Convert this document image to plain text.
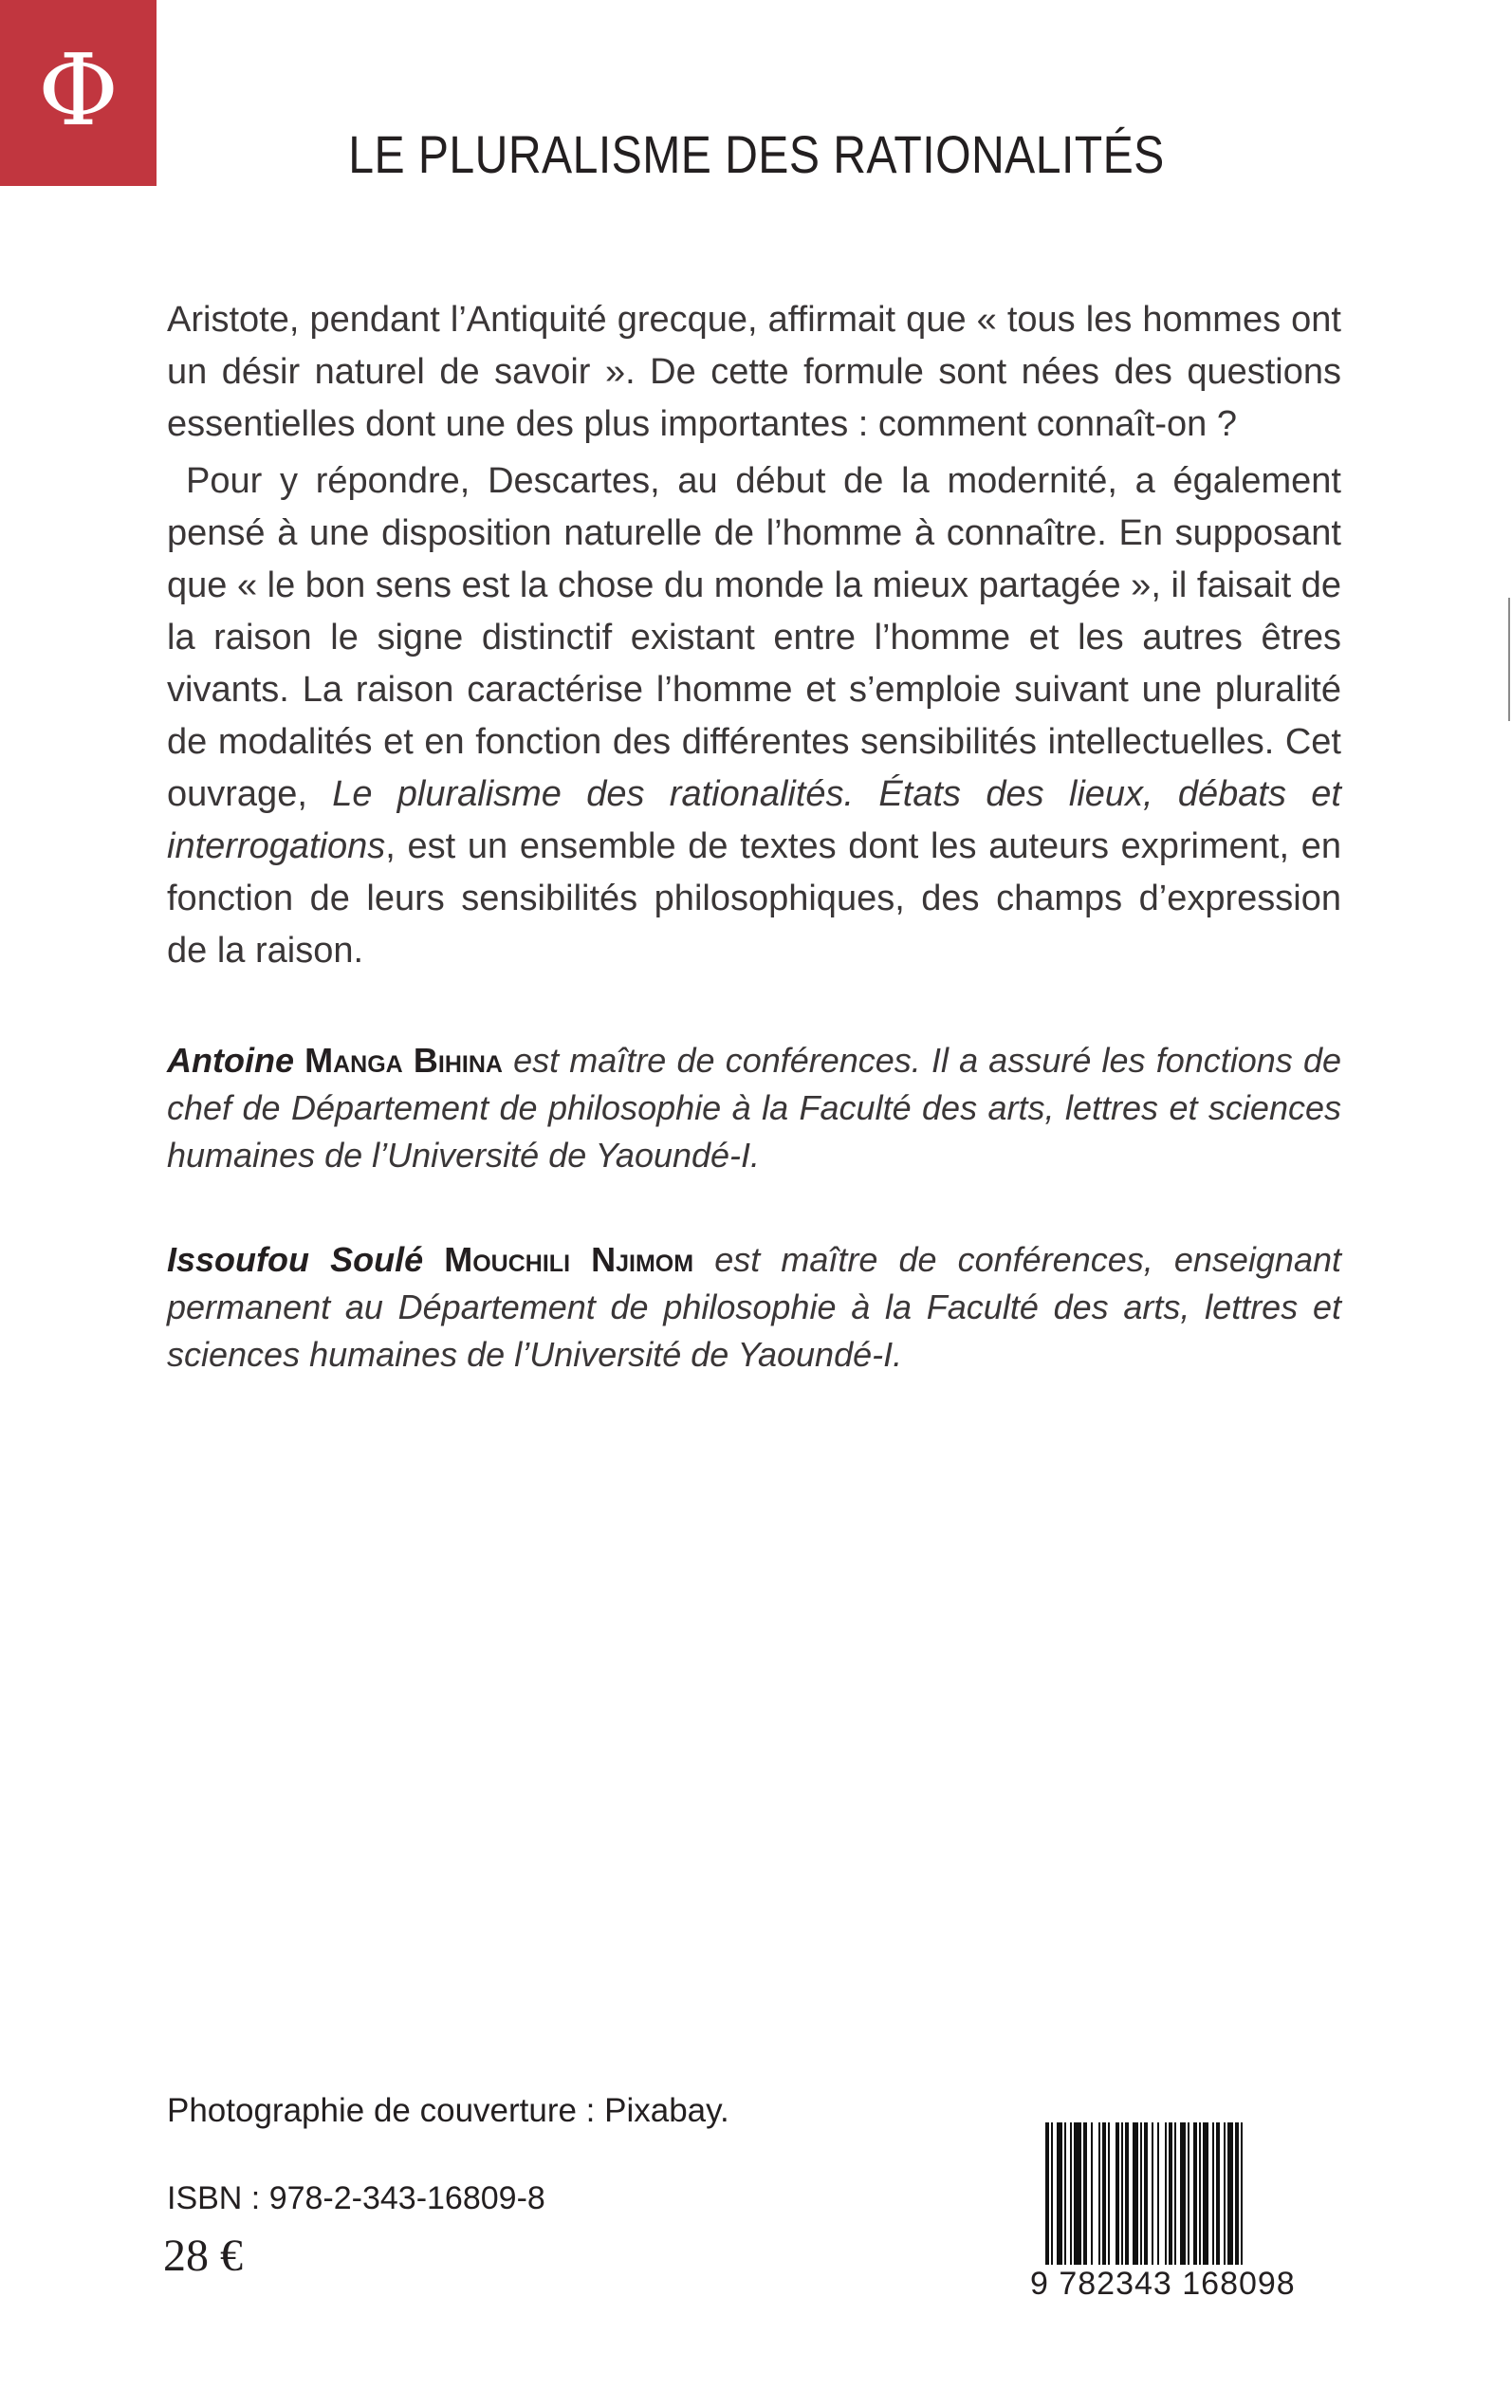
Φ
LE PLURALISME DES RATIONALITÉS

Aristote, pendant l’Antiquité grecque, affirmait que « tous les hommes ont un désir naturel de savoir ». De cette formule sont nées des questions essentielles dont une des plus importantes : comment connaît-on ?

Pour y répondre, Descartes, au début de la modernité, a également pensé à une disposition naturelle de l’homme à connaître. En supposant que « le bon sens est la chose du monde la mieux partagée », il faisait de la raison le signe distinctif existant entre l’homme et les autres êtres vivants. La raison caractérise l’homme et s’emploie suivant une pluralité de modalités et en fonction des différentes sensibilités intellectuelles. Cet ouvrage, Le pluralisme des rationalités. États des lieux, débats et interrogations, est un ensemble de textes dont les auteurs expriment, en fonction de leurs sensibilités philosophiques, des champs d’expression de la raison.

Antoine Manga Bihina est maître de conférences. Il a assuré les fonctions de chef de Département de philosophie à la Faculté des arts, lettres et sciences humaines de l’Université de Yaoundé-I.

Issoufou Soulé Mouchili Njimom est maître de conférences, enseignant permanent au Département de philosophie à la Faculté des arts, lettres et sciences humaines de l’Université de Yaoundé-I.

Photographie de couverture : Pixabay.

ISBN : 978-2-343-16809-8

28 €

9 782343 168098
